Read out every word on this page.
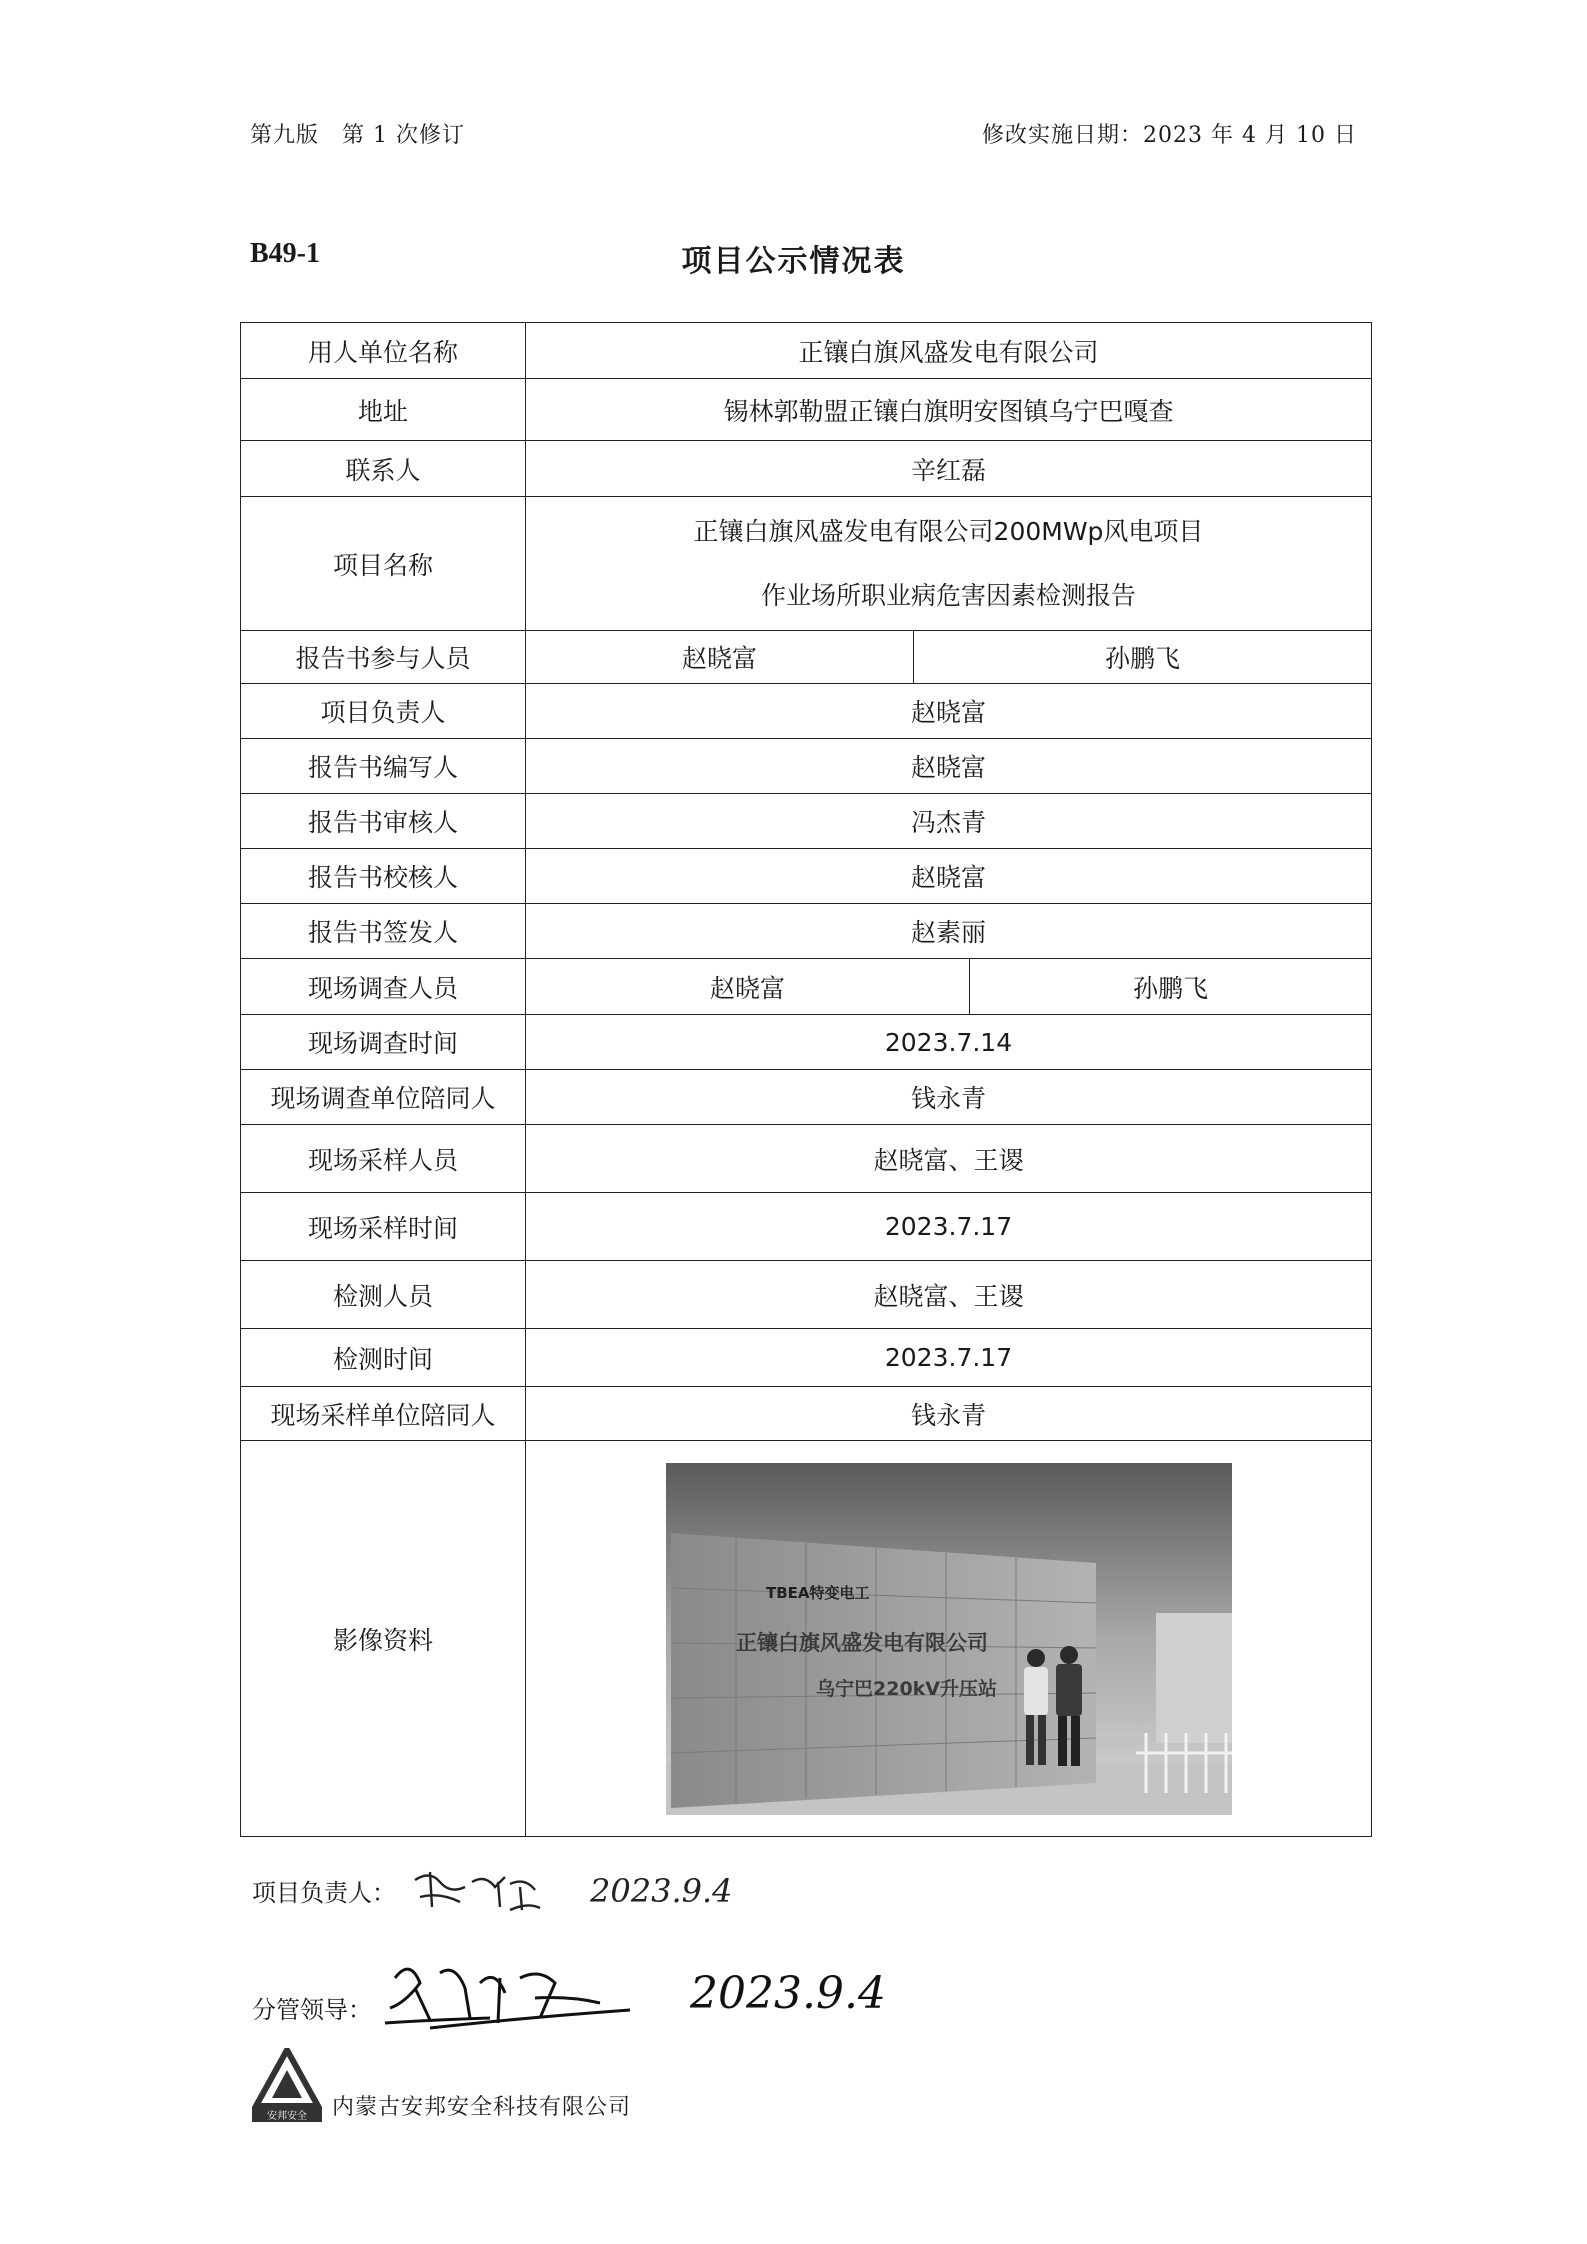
第九版　第 1 次修订	修改实施日期：2023 年 4 月 10 日
B49-1	项目公示情况表
用人单位名称	正镶白旗风盛发电有限公司
地址	锡林郭勒盟正镶白旗明安图镇乌宁巴嘎查
联系人	辛红磊
项目名称	正镶白旗风盛发电有限公司200MWp风电项目
作业场所职业病危害因素检测报告

报告书参与人员	赵晓富 孙鹏飞

项目负责人	赵晓富
报告书编写人	赵晓富
报告书审核人	冯杰青
报告书校核人	赵晓富
报告书签发人	赵素丽
现场调查人员	赵晓富 孙鹏飞

现场调查时间	2023.7.14
现场调查单位陪同人	钱永青
现场采样人员	赵晓富、王谡
现场采样时间	2023.7.17
检测人员	赵晓富、王谡
检测时间	2023.7.17
现场采样单位陪同人	钱永青
影像资料	TBEA特变电工
正镶白旗风盛发电有限公司
乌宁巴220kV升压站
项目负责人：	2023.9.4
分管领导：	2023.9.4
安邦安全 内蒙古安邦安全科技有限公司
